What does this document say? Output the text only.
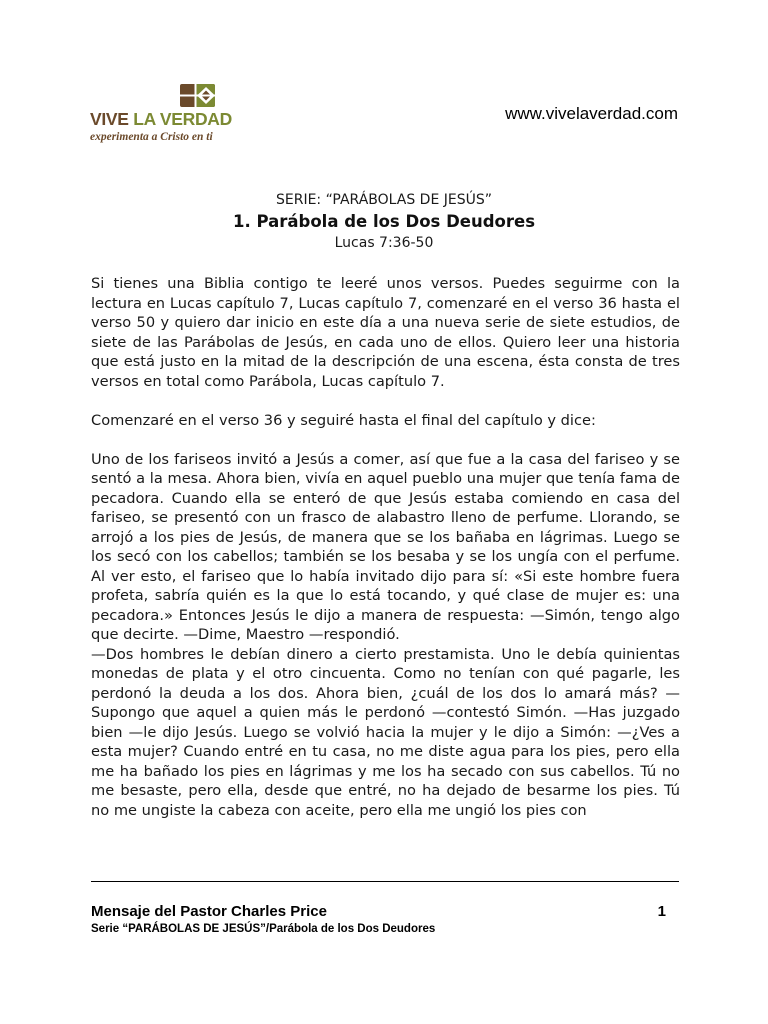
VIVE LA VERDAD
experimenta a Cristo en ti
www.vivelaverdad.com
SERIE: “PARÁBOLAS DE JESÚS”
1. Parábola de los Dos Deudores
Lucas 7:36-50

Si tienes una Biblia contigo te leeré unos versos. Puedes seguirme con la lectura en Lucas capítulo 7, Lucas capítulo 7, comenzaré en el verso 36 hasta el verso 50 y quiero dar inicio en este día a una nueva serie de siete estudios, de siete de las Parábolas de Jesús, en cada uno de ellos. Quiero leer una historia que está justo en la mitad de la descripción de una escena, ésta consta de tres versos en total como Parábola, Lucas capítulo 7.

Comenzaré en el verso 36 y seguiré hasta el final del capítulo y dice:

Uno de los fariseos invitó a Jesús a comer, así que fue a la casa del fariseo y se sentó a la mesa. Ahora bien, vivía en aquel pueblo una mujer que tenía fama de pecadora. Cuando ella se enteró de que Jesús estaba comiendo en casa del fariseo, se presentó con un frasco de alabastro lleno de perfume. Llorando, se arrojó a los pies de Jesús, de manera que se los bañaba en lágrimas. Luego se los secó con los cabellos; también se los besaba y se los ungía con el perfume. Al ver esto, el fariseo que lo había invitado dijo para sí: «Si este hombre fuera profeta, sabría quién es la que lo está tocando, y qué clase de mujer es: una pecadora.» Entonces Jesús le dijo a manera de respuesta: —Simón, tengo algo que decirte. —Dime, Maestro —respondió.

—Dos hombres le debían dinero a cierto prestamista. Uno le debía quinientas monedas de plata y el otro cincuenta. Como no tenían con qué pagarle, les perdonó la deuda a los dos. Ahora bien, ¿cuál de los dos lo amará más? —Supongo que aquel a quien más le perdonó —contestó Simón. —Has juzgado bien —le dijo Jesús. Luego se volvió hacia la mujer y le dijo a Simón: —¿Ves a esta mujer? Cuando entré en tu casa, no me diste agua para los pies, pero ella me ha bañado los pies en lágrimas y me los ha secado con sus cabellos. Tú no me besaste, pero ella, desde que entré, no ha dejado de besarme los pies. Tú no me ungiste la cabeza con aceite, pero ella me ungió los pies con

Mensaje del Pastor Charles Price	1
Serie “PARÁBOLAS DE JESÚS”/Parábola de los Dos Deudores
